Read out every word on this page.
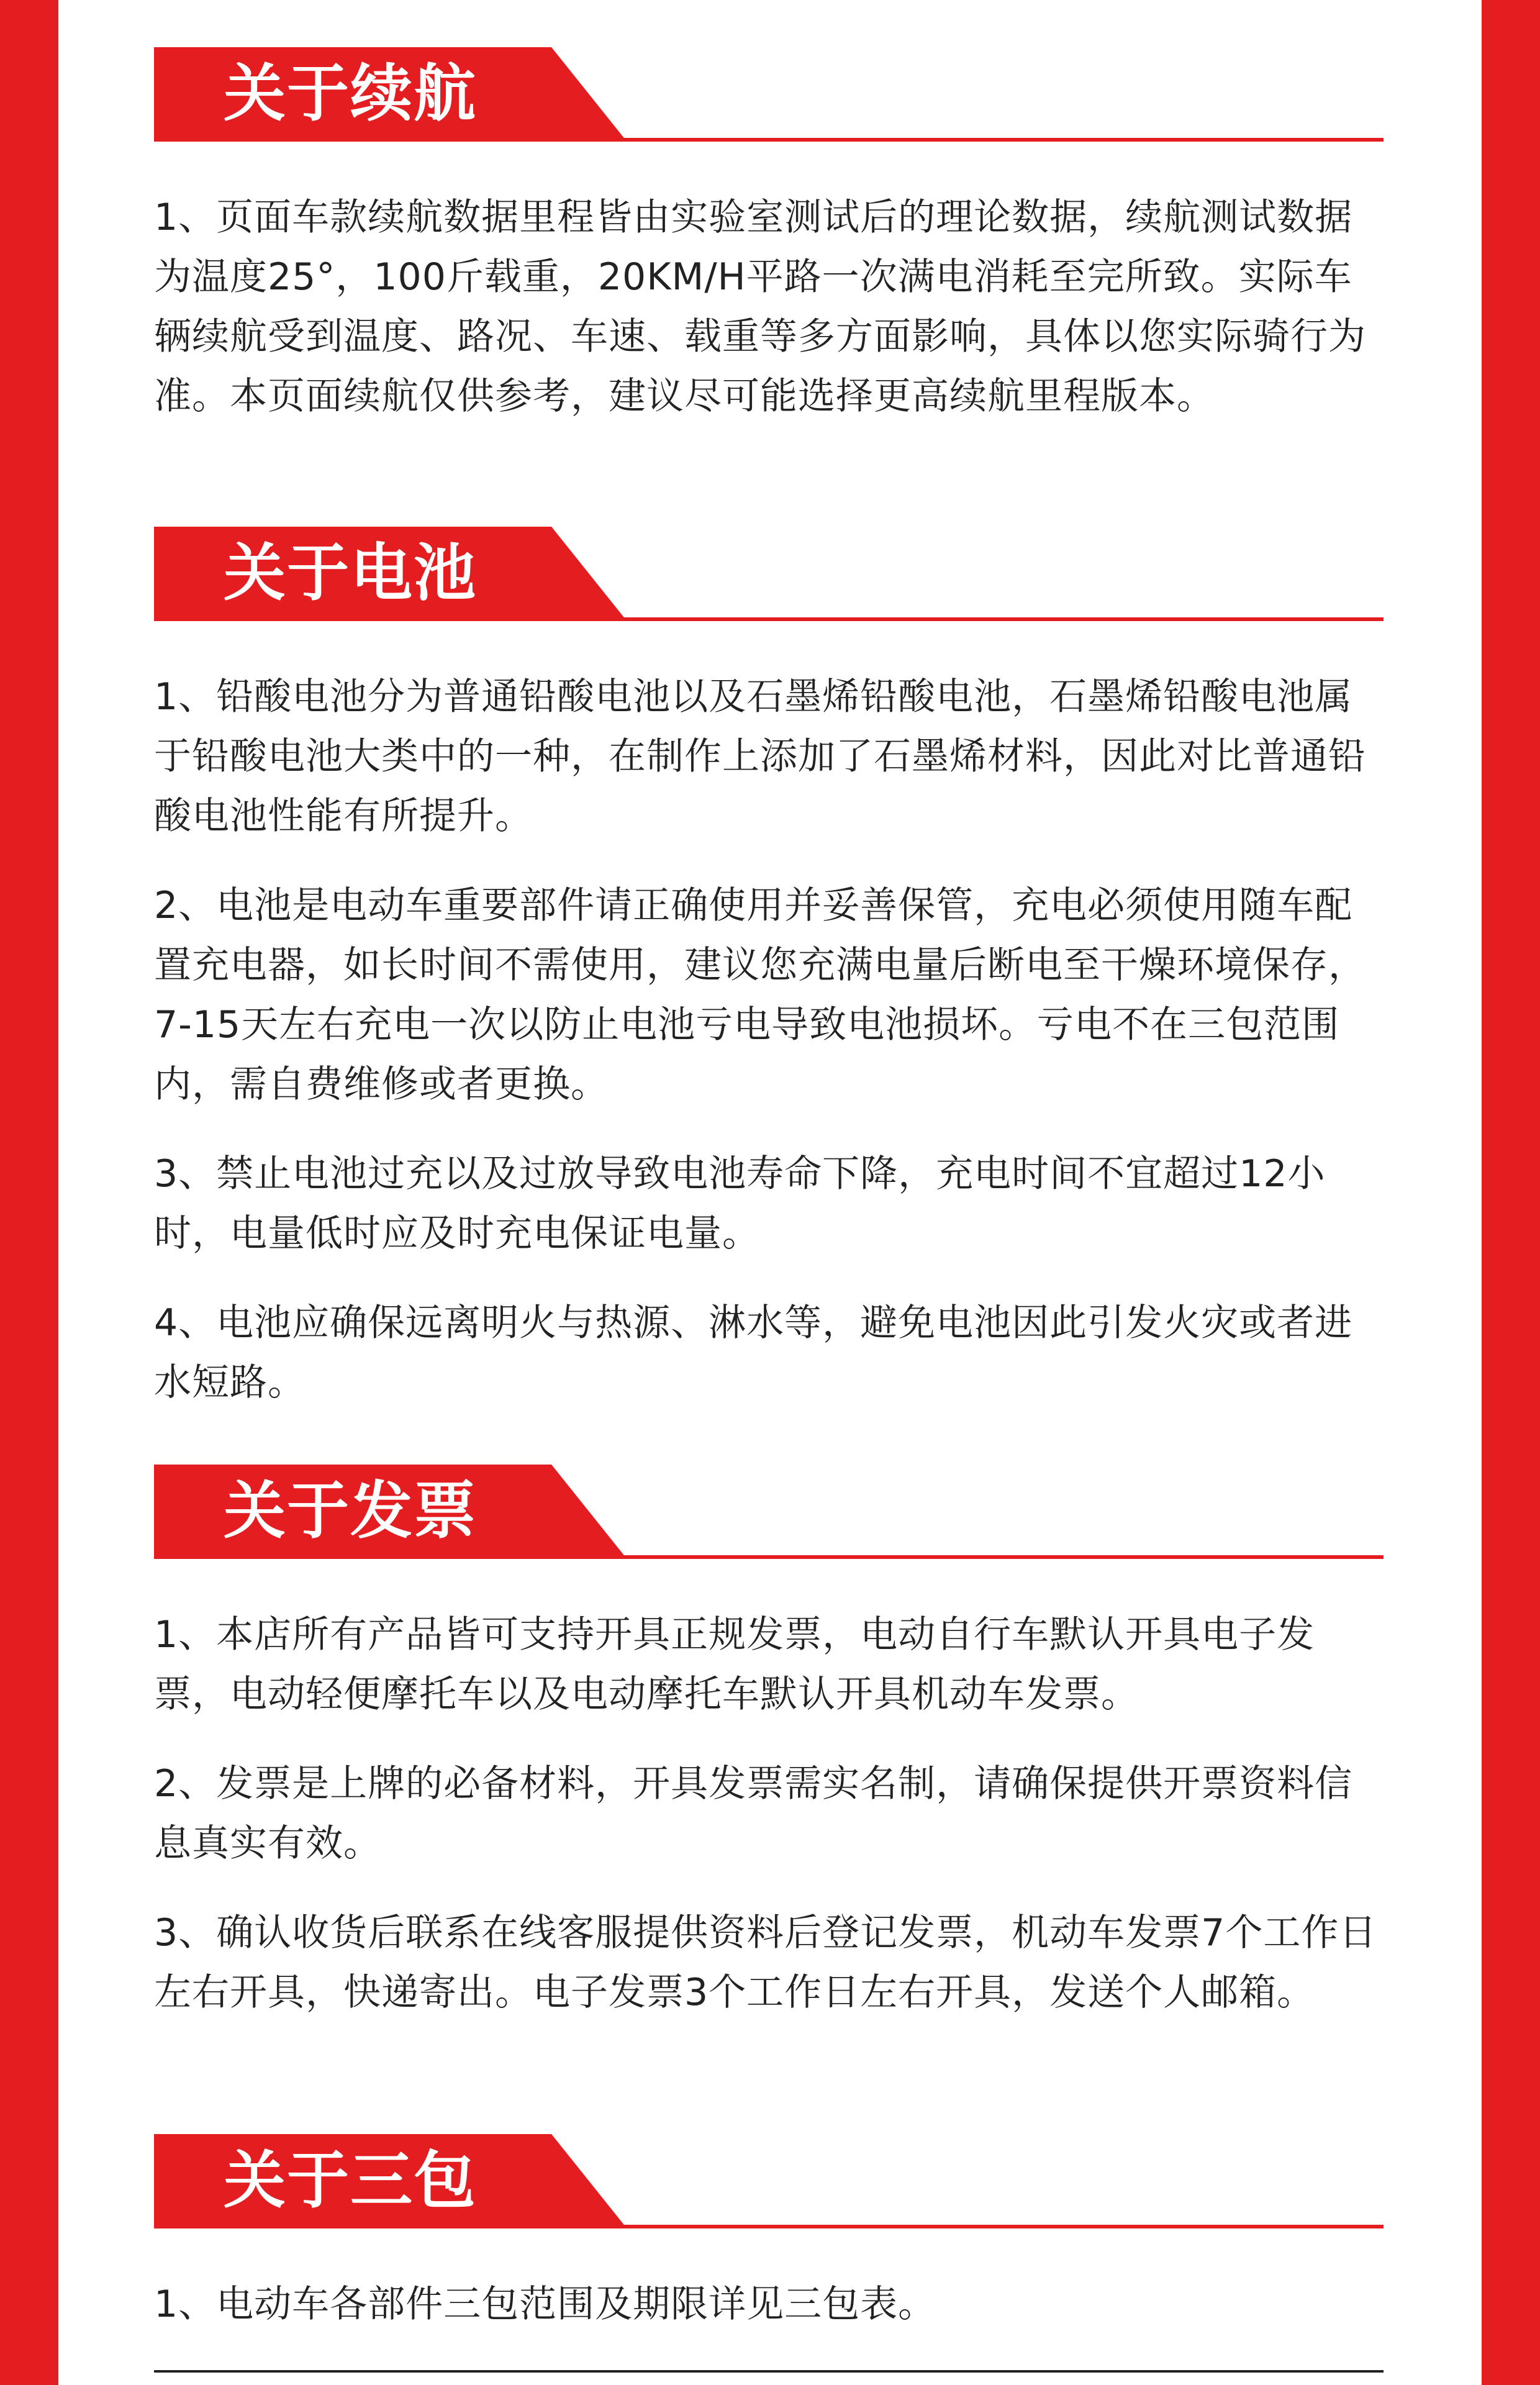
关于续航

1、页面车款续航数据里程皆由实验室测试后的理论数据，续航测试数据为温度25°，100斤载重，20KM/H平路一次满电消耗至完所致。实际车辆续航受到温度、路况、车速、载重等多方面影响，具体以您实际骑行为准。本页面续航仅供参考，建议尽可能选择更高续航里程版本。

关于电池

1、铅酸电池分为普通铅酸电池以及石墨烯铅酸电池，石墨烯铅酸电池属于铅酸电池大类中的一种，在制作上添加了石墨烯材料，因此对比普通铅酸电池性能有所提升。

2、电池是电动车重要部件请正确使用并妥善保管，充电必须使用随车配置充电器，如长时间不需使用，建议您充满电量后断电至干燥环境保存，7-15天左右充电一次以防止电池亏电导致电池损坏。亏电不在三包范围内，需自费维修或者更换。

3、禁止电池过充以及过放导致电池寿命下降，充电时间不宜超过12小时，电量低时应及时充电保证电量。

4、电池应确保远离明火与热源、淋水等，避免电池因此引发火灾或者进水短路。

关于发票

1、本店所有产品皆可支持开具正规发票，电动自行车默认开具电子发票，电动轻便摩托车以及电动摩托车默认开具机动车发票。

2、发票是上牌的必备材料，开具发票需实名制，请确保提供开票资料信息真实有效。

3、确认收货后联系在线客服提供资料后登记发票，机动车发票7个工作日左右开具，快递寄出。电子发票3个工作日左右开具，发送个人邮箱。

关于三包

1、电动车各部件三包范围及期限详见三包表。
